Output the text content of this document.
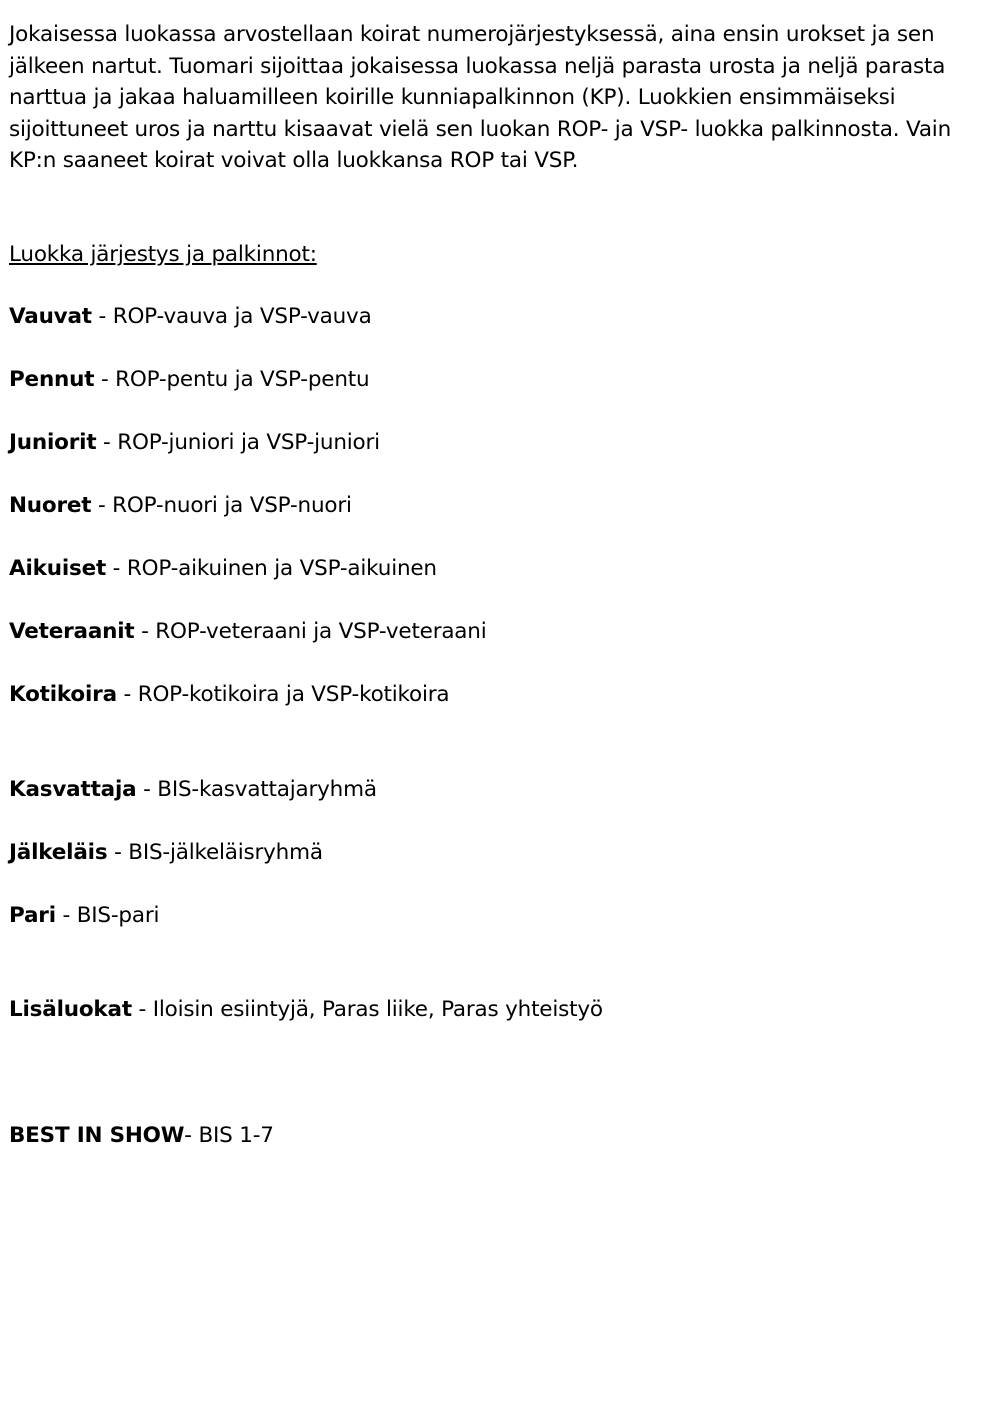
Jokaisessa luokassa arvostellaan koirat numerojärjestyksessä, aina ensin urokset ja sen jälkeen nartut. Tuomari sijoittaa jokaisessa luokassa neljä parasta urosta ja neljä parasta narttua ja jakaa haluamilleen koirille kunniapalkinnon (KP). Luokkien ensimmäiseksi sijoittuneet uros ja narttu kisaavat vielä sen luokan ROP- ja VSP- luokka palkinnosta. Vain KP:n saaneet koirat voivat olla luokkansa ROP tai VSP.

Luokka järjestys ja palkinnot:

Vauvat - ROP-vauva ja VSP-vauva

Pennut - ROP-pentu ja VSP-pentu

Juniorit - ROP-juniori ja VSP-juniori

Nuoret - ROP-nuori ja VSP-nuori

Aikuiset - ROP-aikuinen ja VSP-aikuinen

Veteraanit - ROP-veteraani ja VSP-veteraani

Kotikoira - ROP-kotikoira ja VSP-kotikoira

Kasvattaja - BIS-kasvattajaryhmä

Jälkeläis - BIS-jälkeläisryhmä

Pari - BIS-pari

Lisäluokat - Iloisin esiintyjä, Paras liike, Paras yhteistyö

BEST IN SHOW- BIS 1-7
